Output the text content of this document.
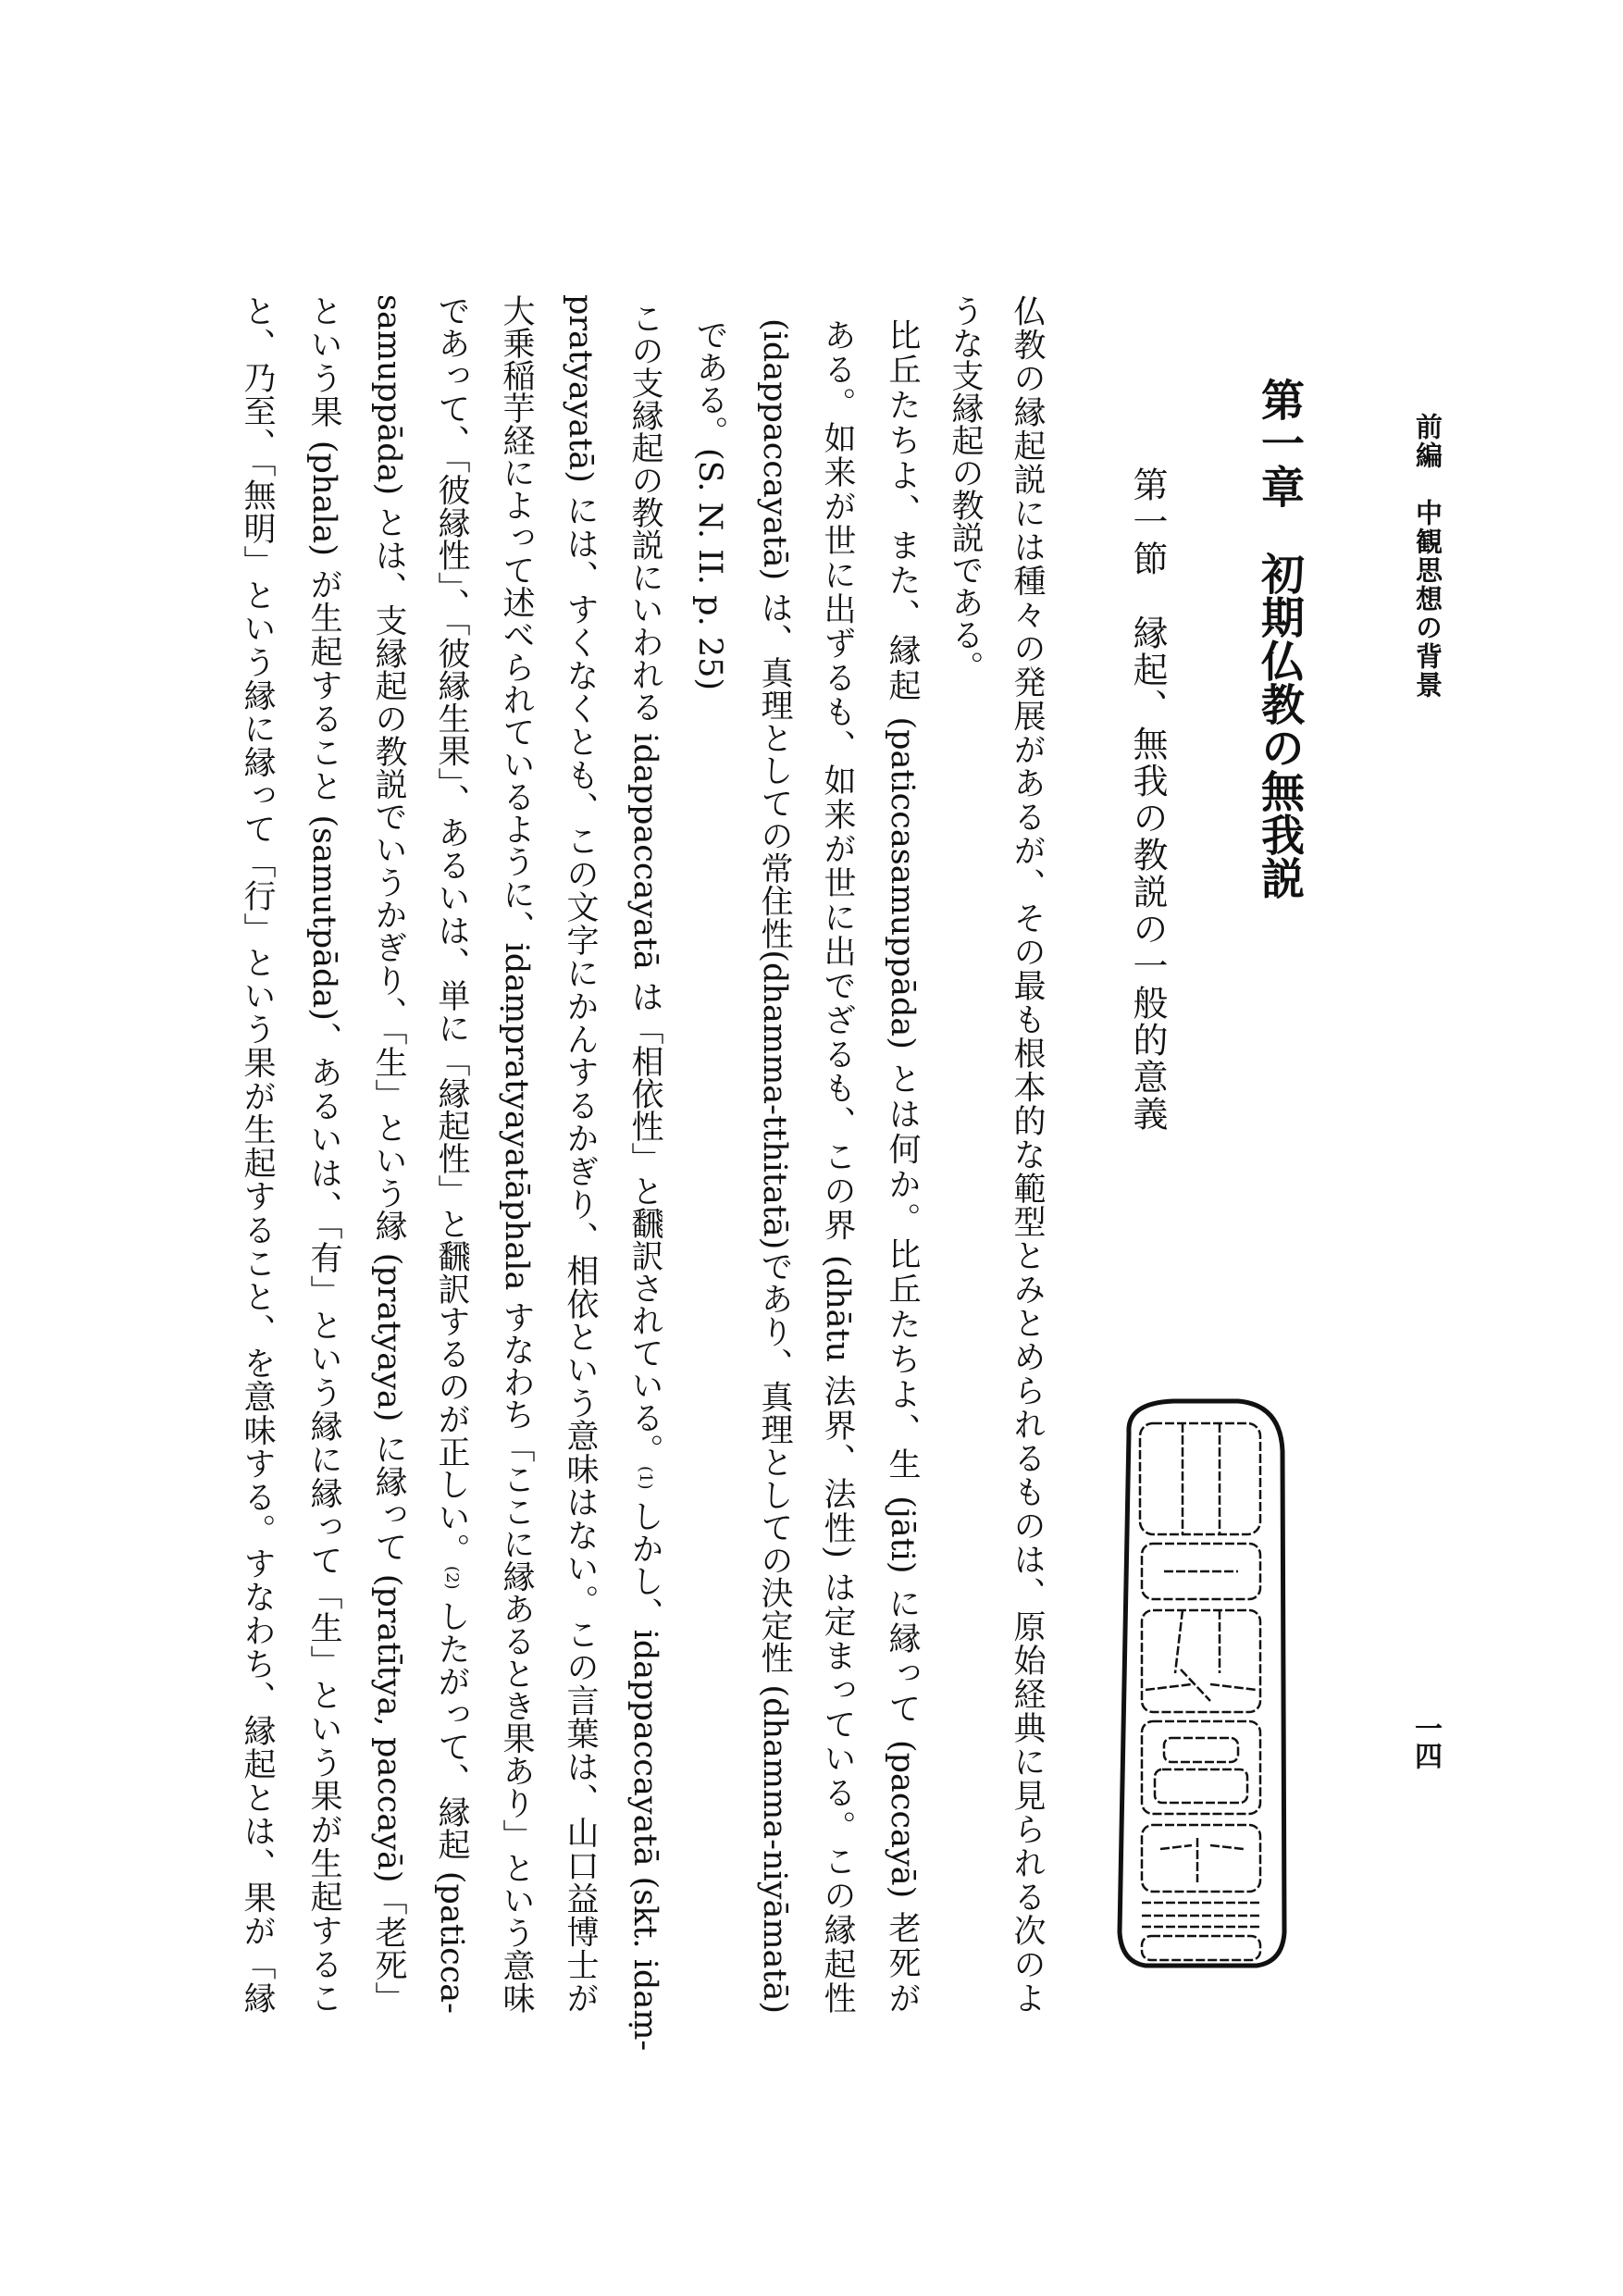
前編　中観思想の背景
一四
第一章　初期仏教の無我説
第一節　縁起、無我の教説の一般的意義
仏教の縁起説には種々の発展があるが、その最も根本的な範型とみとめられるものは、原始経典に見られる次のよ
うな支縁起の教説である。
比丘たちよ、また、縁起 (paticcasamuppāda) とは何か。比丘たちよ、生 (jāti) に縁って (paccayā) 老死が
ある。如来が世に出ずるも、如来が世に出でざるも、この界 (dhātu 法界、法性) は定まっている。この縁起性
(idappaccayatā) は、真理としての常住性(dhamma-tthitatā)であり、真理としての決定性 (dhamma-niyāmatā)
である。(S. N. II. p. 25)
この支縁起の教説にいわれる idappaccayatā は「相依性」と飜訳されている。(1) しかし、idappaccayatā (skt. idaṃ-
pratyayatā) には、すくなくとも、この文字にかんするかぎり、相依という意味はない。この言葉は、山口益博士が
大乗稲芋経によって述べられているように、idaṃpratyayatāphala すなわち「ここに縁あるとき果あり」という意味
であって、「彼縁性」、「彼縁生果」、あるいは、単に「縁起性」と飜訳するのが正しい。(2) したがって、縁起 (paticca-
samuppāda) とは、支縁起の教説でいうかぎり、「生」という縁 (pratyaya) に縁って (pratītya, paccayā)「老死」
という果 (phala) が生起すること (samutpāda)、あるいは、「有」という縁に縁って「生」という果が生起するこ
と、乃至、「無明」という縁に縁って「行」という果が生起すること、を意味する。すなわち、縁起とは、果が「縁
